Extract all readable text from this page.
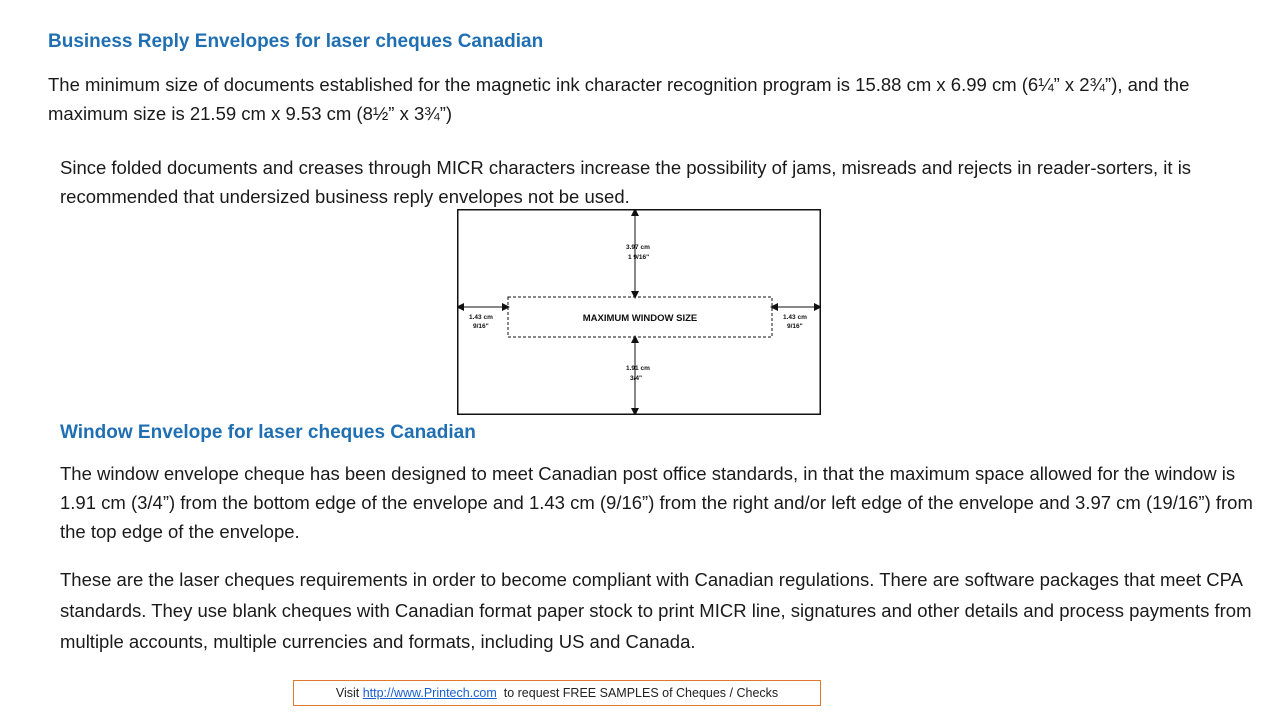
Business Reply Envelopes for laser cheques Canadian

The minimum size of documents established for the magnetic ink character recognition program is 15.88 cm x 6.99 cm (6¼” x 2¾”), and the maximum size is 21.59 cm x 9.53 cm (8½” x 3¾”)

Since folded documents and creases through MICR characters increase the possibility of jams, misreads and rejects in reader-sorters, it is recommended that undersized business reply envelopes not be used.

MAXIMUM WINDOW SIZE
3.97 cm
1 9/16"
1.91 cm
3/4"
1.43 cm
9/16"
1.43 cm
9/16"
Window Envelope for laser cheques Canadian

The window envelope cheque has been designed to meet Canadian post office standards, in that the maximum space allowed for the window is 1.91 cm (3/4”) from the bottom edge of the envelope and 1.43 cm (9/16”) from the right and/or left edge of the envelope and 3.97 cm (19/16”) from the top edge of the envelope.

These are the laser cheques requirements in order to become compliant with Canadian regulations. There are software packages that meet CPA standards. They use blank cheques with Canadian format paper stock to print MICR line, signatures and other details and process payments from multiple accounts, multiple currencies and formats, including US and Canada.

Visit http://www.Printech.com  to request FREE SAMPLES of Cheques / Checks
